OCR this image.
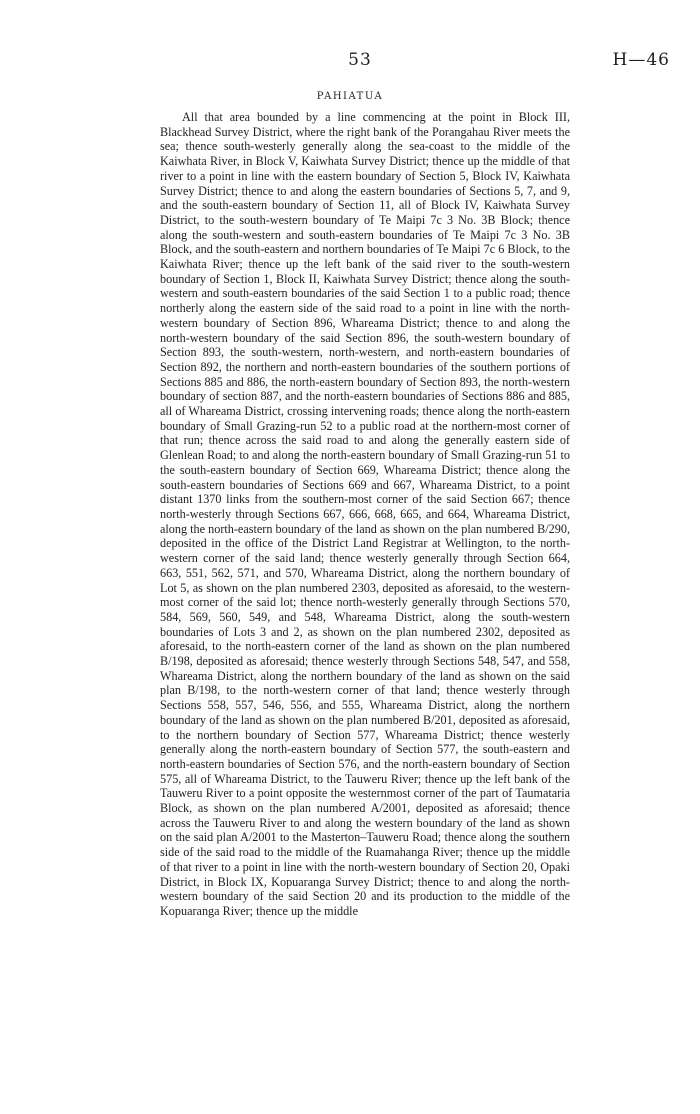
53	H—46
PAHIATUA

All that area bounded by a line commencing at the point in Block III, Blackhead Survey District, where the right bank of the Porangahau River meets the sea; thence south-westerly generally along the sea-coast to the middle of the Kaiwhata River, in Block V, Kaiwhata Survey District; thence up the middle of that river to a point in line with the eastern boundary of Section 5, Block IV, Kaiwhata Survey District; thence to and along the eastern boundaries of Sections 5, 7, and 9, and the south-eastern boundary of Section 11, all of Block IV, Kaiwhata Survey District, to the south-western boundary of Te Maipi 7c 3 No. 3B Block; thence along the south-western and south-eastern boundaries of Te Maipi 7c 3 No. 3B Block, and the south-eastern and northern boundaries of Te Maipi 7c 6 Block, to the Kaiwhata River; thence up the left bank of the said river to the south-western boundary of Section 1, Block II, Kaiwhata Survey District; thence along the south-western and south-eastern boundaries of the said Section 1 to a public road; thence northerly along the eastern side of the said road to a point in line with the north-western boundary of Section 896, Whareama District; thence to and along the north-western boundary of the said Section 896, the south-western boundary of Section 893, the south-western, north-western, and north-eastern boundaries of Section 892, the northern and north-eastern boundaries of the southern portions of Sections 885 and 886, the north-eastern boundary of Section 893, the north-western boundary of section 887, and the north-eastern boundaries of Sections 886 and 885, all of Whareama District, crossing intervening roads; thence along the north-eastern boundary of Small Grazing-run 52 to a public road at the northern-most corner of that run; thence across the said road to and along the generally eastern side of Glenlean Road; to and along the north-eastern boundary of Small Grazing-run 51 to the south-eastern boundary of Section 669, Whareama District; thence along the south-eastern boundaries of Sections 669 and 667, Whareama District, to a point distant 1370 links from the southern-most corner of the said Section 667; thence north-westerly through Sections 667, 666, 668, 665, and 664, Whareama District, along the north-eastern boundary of the land as shown on the plan numbered B/290, deposited in the office of the District Land Registrar at Wellington, to the north-western corner of the said land; thence westerly generally through Section 664, 663, 551, 562, 571, and 570, Whareama District, along the northern boundary of Lot 5, as shown on the plan numbered 2303, deposited as aforesaid, to the western-most corner of the said lot; thence north-westerly generally through Sections 570, 584, 569, 560, 549, and 548, Whareama District, along the south-western boundaries of Lots 3 and 2, as shown on the plan numbered 2302, deposited as aforesaid, to the north-eastern corner of the land as shown on the plan numbered B/198, deposited as aforesaid; thence westerly through Sections 548, 547, and 558, Whareama District, along the northern boundary of the land as shown on the said plan B/198, to the north-western corner of that land; thence westerly through Sections 558, 557, 546, 556, and 555, Whareama District, along the northern boundary of the land as shown on the plan numbered B/201, deposited as aforesaid, to the northern boundary of Section 577, Whareama District; thence westerly generally along the north-eastern boundary of Section 577, the south-eastern and north-eastern boundaries of Section 576, and the north-eastern boundary of Section 575, all of Whareama District, to the Tauweru River; thence up the left bank of the Tauweru River to a point opposite the westernmost corner of the part of Taumataria Block, as shown on the plan numbered A/2001, deposited as aforesaid; thence across the Tauweru River to and along the western boundary of the land as shown on the said plan A/2001 to the Masterton–Tauweru Road; thence along the southern side of the said road to the middle of the Ruamahanga River; thence up the middle of that river to a point in line with the north-western boundary of Section 20, Opaki District, in Block IX, Kopuaranga Survey District; thence to and along the north-western boundary of the said Section 20 and its production to the middle of the Kopuaranga River; thence up the middle
